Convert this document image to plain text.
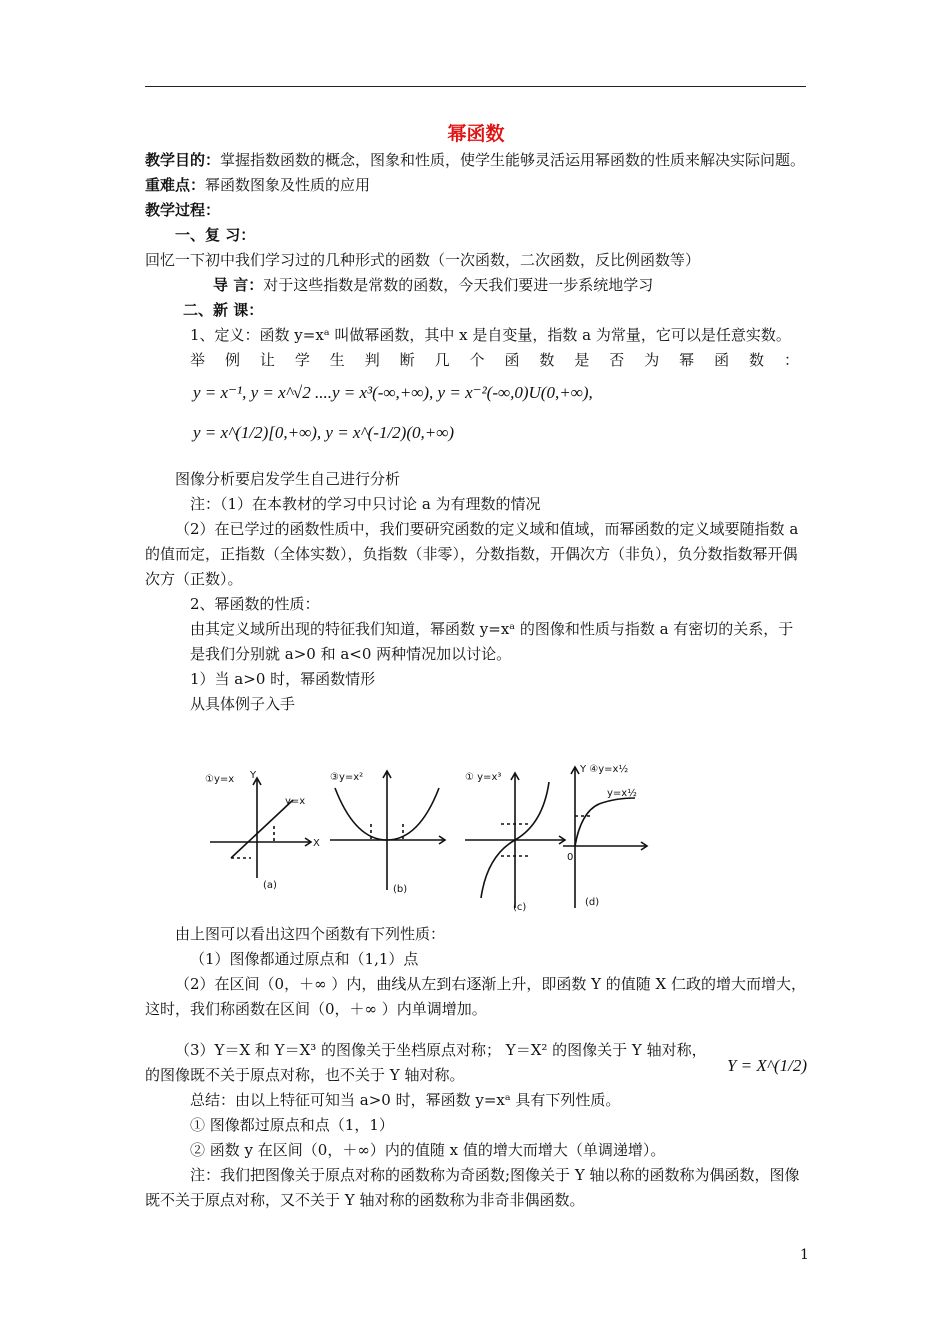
幂函数

教学目的：掌握指数函数的概念，图象和性质，使学生能够灵活运用幂函数的性质来解决实际问题。

重难点：幂函数图象及性质的应用

教学过程：

一、复 习：回忆一下初中我们学习过的几种形式的函数（一次函数，二次函数，反比例函数等）

导 言：对于这些指数是常数的函数，今天我们要进一步系统地学习

二、新 课：

1、定义：函数 y=xᵃ 叫做幂函数，其中 x 是自变量，指数 a 为常量，它可以是任意实数。

举 例 让 学 生 判 断 几 个 函 数 是 否 为 幂 函 数 ：

y = x⁻¹, y = x^√2 ....y = x³(-∞,+∞), y = x⁻²(-∞,0)U(0,+∞),

y = x^(1/2)[0,+∞), y = x^(-1/2)(0,+∞)

图像分析要启发学生自己进行分析

注：（1）在本教材的学习中只讨论 a 为有理数的情况

（2）在已学过的函数性质中，我们要研究函数的定义域和值域，而幂函数的定义域要随指数 a 的值而定，正指数（全体实数），负指数（非零），分数指数，开偶次方（非负），负分数指数幂开偶次方（正数）。

2、幂函数的性质：

由其定义域所出现的特征我们知道，幂函数 y=xᵃ 的图像和性质与指数 a 有密切的关系，于是我们分别就 a>0 和 a<0 两种情况加以讨论。

1）当 a>0 时，幂函数情形

从具体例子入手

①y=x
y=x
Y
X
(a)
③y=x²
(b)
① y=x³
(c)
Y ④y=x½
y=x½
(d)
0

由上图可以看出这四个函数有下列性质：

（1）图像都通过原点和（1,1）点

（2）在区间（0，＋∞ ）内，曲线从左到右逐渐上升，即函数 Y 的值随 X 仁政的增大而增大，这时，我们称函数在区间（0，＋∞ ）内单调增加。

（3）Y＝X 和 Y＝X³ 的图像关于坐档原点对称； Y＝X² 的图像关于 Y 轴对称，
Y = X^(1/2)

的图像既不关于原点对称，也不关于 Y 轴对称。

总结：由以上特征可知当 a>0 时，幂函数 y=xᵃ 具有下列性质。

① 图像都过原点和点（1，1）

② 函数 y 在区间（0，＋∞）内的值随 x 值的增大而增大（单调递增）。

注：我们把图像关于原点对称的函数称为奇函数;图像关于 Y 轴以称的函数称为偶函数，图像既不关于原点对称，又不关于 Y 轴对称的函数称为非奇非偶函数。

1
